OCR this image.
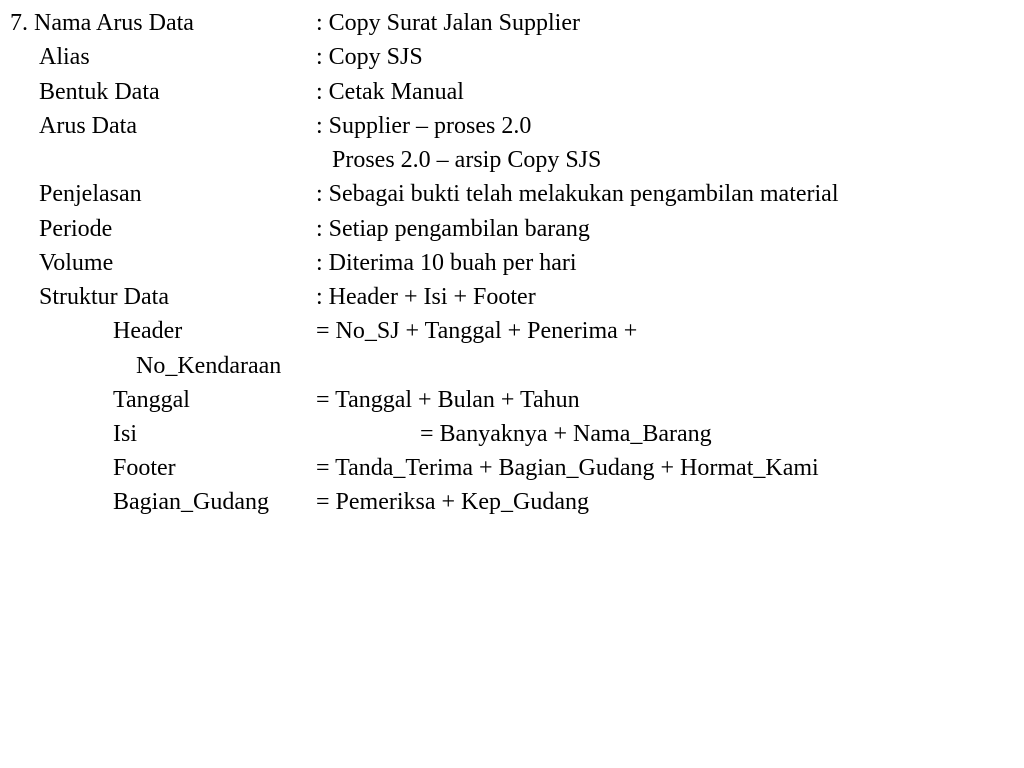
7. Nama Arus Data	: Copy Surat Jalan Supplier
Alias	: Copy SJS
Bentuk Data	: Cetak Manual
Arus Data	: Supplier – proses 2.0
Proses 2.0 – arsip Copy SJS
Penjelasan	: Sebagai bukti telah melakukan pengambilan material
Periode	: Setiap pengambilan barang
Volume	: Diterima 10 buah per hari
Struktur Data	: Header + Isi + Footer
Header	= No_SJ + Tanggal + Penerima +
No_Kendaraan
Tanggal	= Tanggal + Bulan + Tahun
Isi	= Banyaknya + Nama_Barang
Footer	= Tanda_Terima + Bagian_Gudang + Hormat_Kami
Bagian_Gudang = Pemeriksa + Kep_Gudang
